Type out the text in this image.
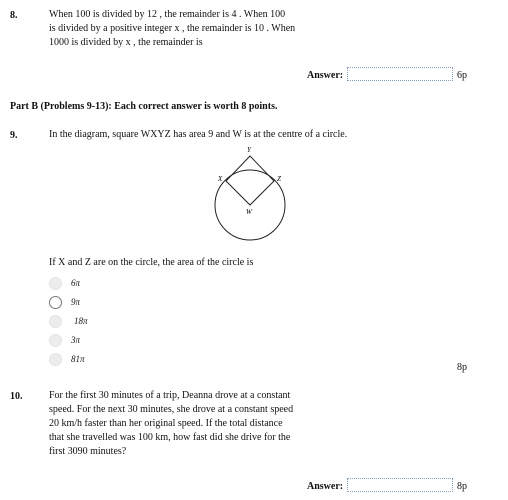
8.	When 100 is divided by 12 , the remainder is 4 . When 100
is divided by a positive integer x , the remainder is 10 . When
1000 is divided by x , the remainder is
Answer:	6p
Part B (Problems 9-13): Each correct answer is worth 8 points.
9.	In the diagram, square WXYZ has area 9 and W is at the centre of a circle.
Y
X	Z
W
If X and Z are on the circle, the area of the circle is
6π
9π
18π
3π
81π
8p
10.	For the first 30 minutes of a trip, Deanna drove at a constant
speed. For the next 30 minutes, she drove at a constant speed
20 km/h faster than her original speed. If the total distance
that she travelled was 100 km, how fast did she drive for the
first 3090 minutes?
Answer:	8p
